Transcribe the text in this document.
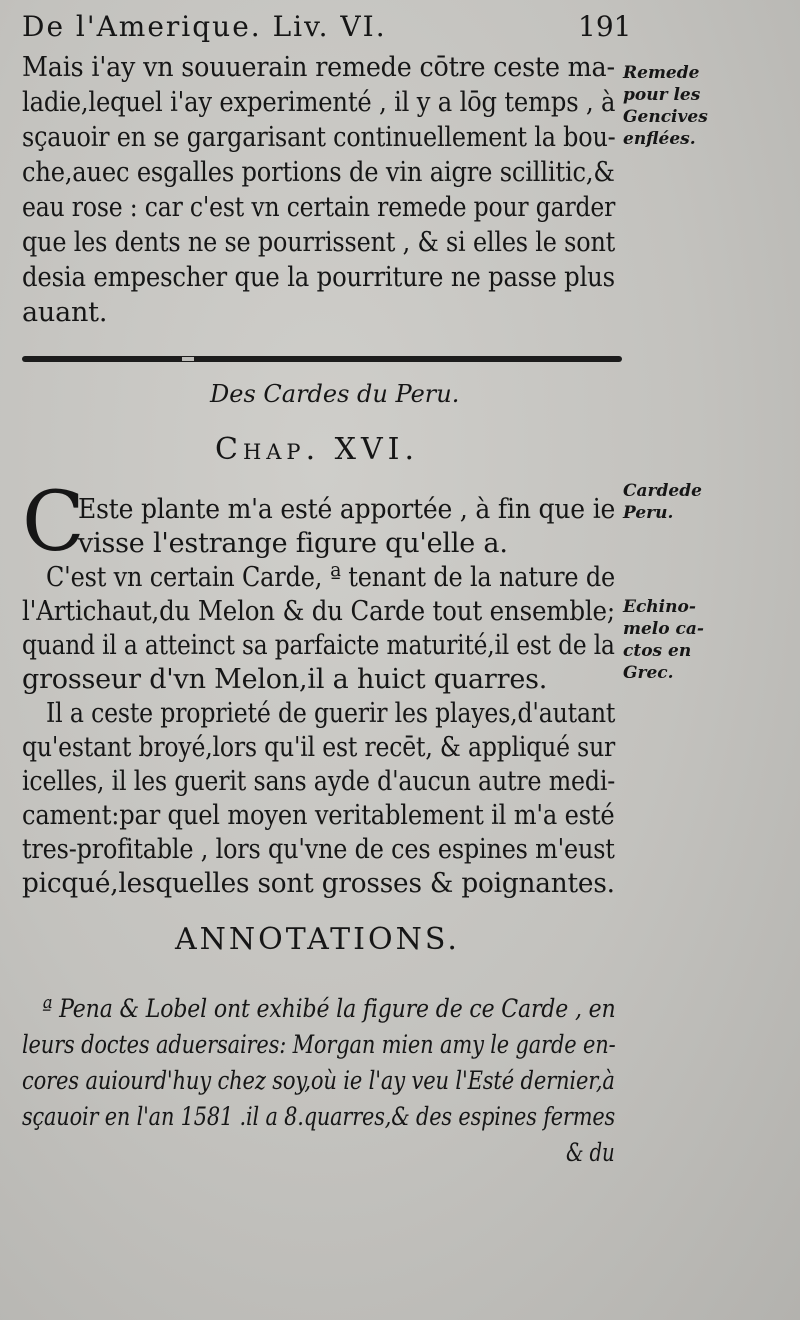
De l'Amerique. Liv. VI.	191
Mais i'ay vn souuerain remede cōtre ceste ma-
ladie,lequel i'ay experimenté , il y a lōg temps , à
sçauoir en se gargarisant continuellement la bou-
che,auec esgalles portions de vin aigre scillitic,&
eau rose : car c'est vn certain remede pour garder
que les dents ne se pourrissent , & si elles le sont
desia empescher que la pourriture ne passe plus
auant.
Remede
pour les
Gencives
enflées.
Des Cardes du Peru.
Chap. XVI.
C
Este plante m'a esté apportée , à fin que ie
visse l'estrange figure qu'elle a.
Cardede
Peru.
C'est vn certain Carde, ª tenant de la nature de
l'Artichaut,du Melon & du Carde tout ensemble;
quand il a atteinct sa parfaicte maturité,il est de la
grosseur d'vn Melon,il a huict quarres.
Echino-
melo ca-
ctos en
Grec.
Il a ceste proprieté de guerir les playes,d'autant
qu'estant broyé,lors qu'il est recēt, & appliqué sur
icelles, il les guerit sans ayde d'aucun autre medi-
cament:par quel moyen veritablement il m'a esté
tres-profitable , lors qu'vne de ces espines m'eust
picqué,lesquelles sont grosses & poignantes.
ANNOTATIONS.
ª Pena & Lobel ont exhibé la figure de ce Carde , en
leurs doctes aduersaires: Morgan mien amy le garde en-
cores auiourd'huy chez soy,où ie l'ay veu l'Esté dernier,à
sçauoir en l'an 1581 .il a 8.quarres,& des espines fermes
& du
